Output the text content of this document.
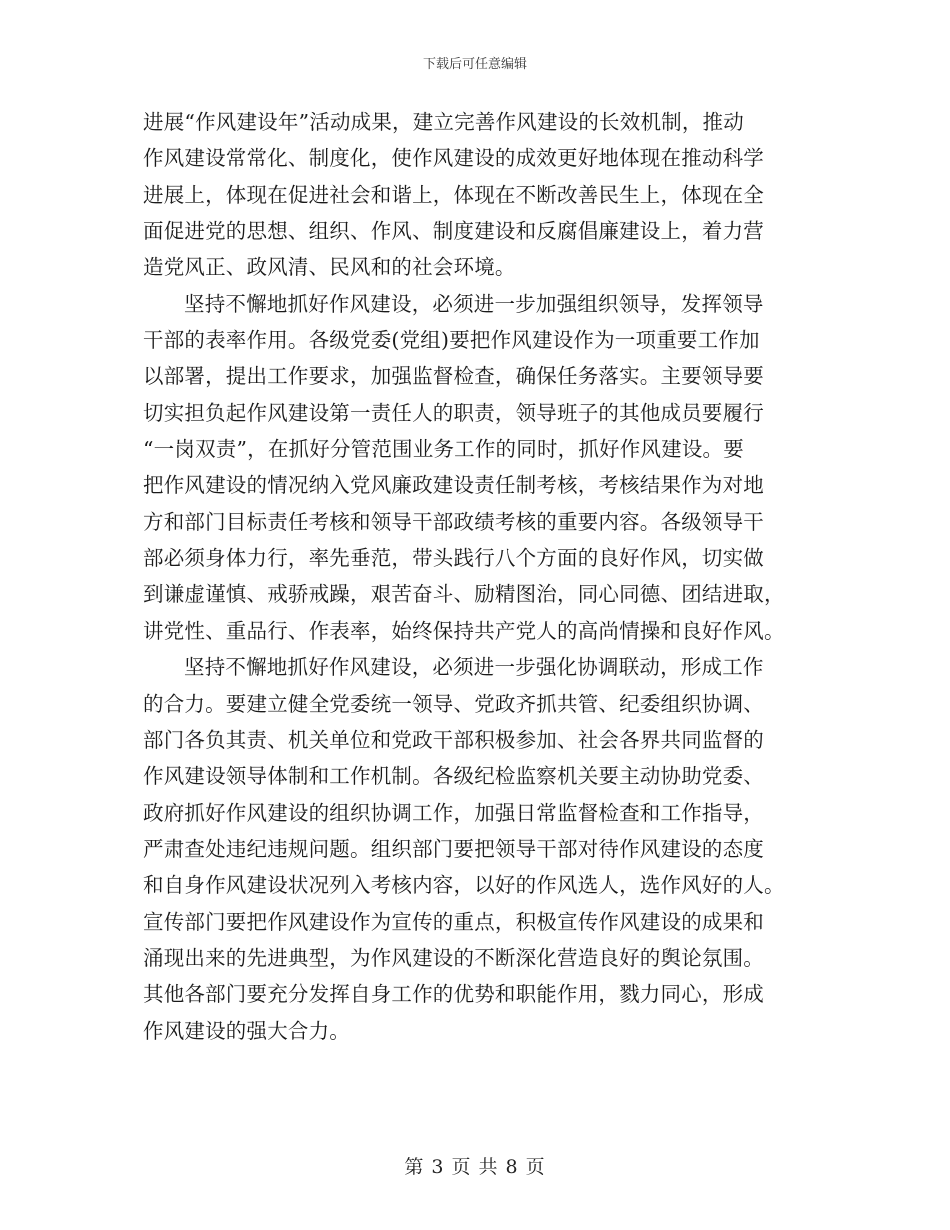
下载后可任意编辑
进展“作风建设年”活动成果，建立完善作风建设的长效机制，推动
作风建设常常化、制度化，使作风建设的成效更好地体现在推动科学
进展上，体现在促进社会和谐上，体现在不断改善民生上，体现在全
面促进党的思想、组织、作风、制度建设和反腐倡廉建设上，着力营
造党风正、政风清、民风和的社会环境。
坚持不懈地抓好作风建设，必须进一步加强组织领导，发挥领导
干部的表率作用。各级党委(党组)要把作风建设作为一项重要工作加
以部署，提出工作要求，加强监督检查，确保任务落实。主要领导要
切实担负起作风建设第一责任人的职责，领导班子的其他成员要履行
“一岗双责”，在抓好分管范围业务工作的同时，抓好作风建设。要
把作风建设的情况纳入党风廉政建设责任制考核，考核结果作为对地
方和部门目标责任考核和领导干部政绩考核的重要内容。各级领导干
部必须身体力行，率先垂范，带头践行八个方面的良好作风，切实做
到谦虚谨慎、戒骄戒躁，艰苦奋斗、励精图治，同心同德、团结进取，
讲党性、重品行、作表率，始终保持共产党人的高尚情操和良好作风。
坚持不懈地抓好作风建设，必须进一步强化协调联动，形成工作
的合力。要建立健全党委统一领导、党政齐抓共管、纪委组织协调、
部门各负其责、机关单位和党政干部积极参加、社会各界共同监督的
作风建设领导体制和工作机制。各级纪检监察机关要主动协助党委、
政府抓好作风建设的组织协调工作，加强日常监督检查和工作指导，
严肃查处违纪违规问题。组织部门要把领导干部对待作风建设的态度
和自身作风建设状况列入考核内容，以好的作风选人，选作风好的人。
宣传部门要把作风建设作为宣传的重点，积极宣传作风建设的成果和
涌现出来的先进典型，为作风建设的不断深化营造良好的舆论氛围。
其他各部门要充分发挥自身工作的优势和职能作用，戮力同心，形成
作风建设的强大合力。
第 3 页 共 8 页
